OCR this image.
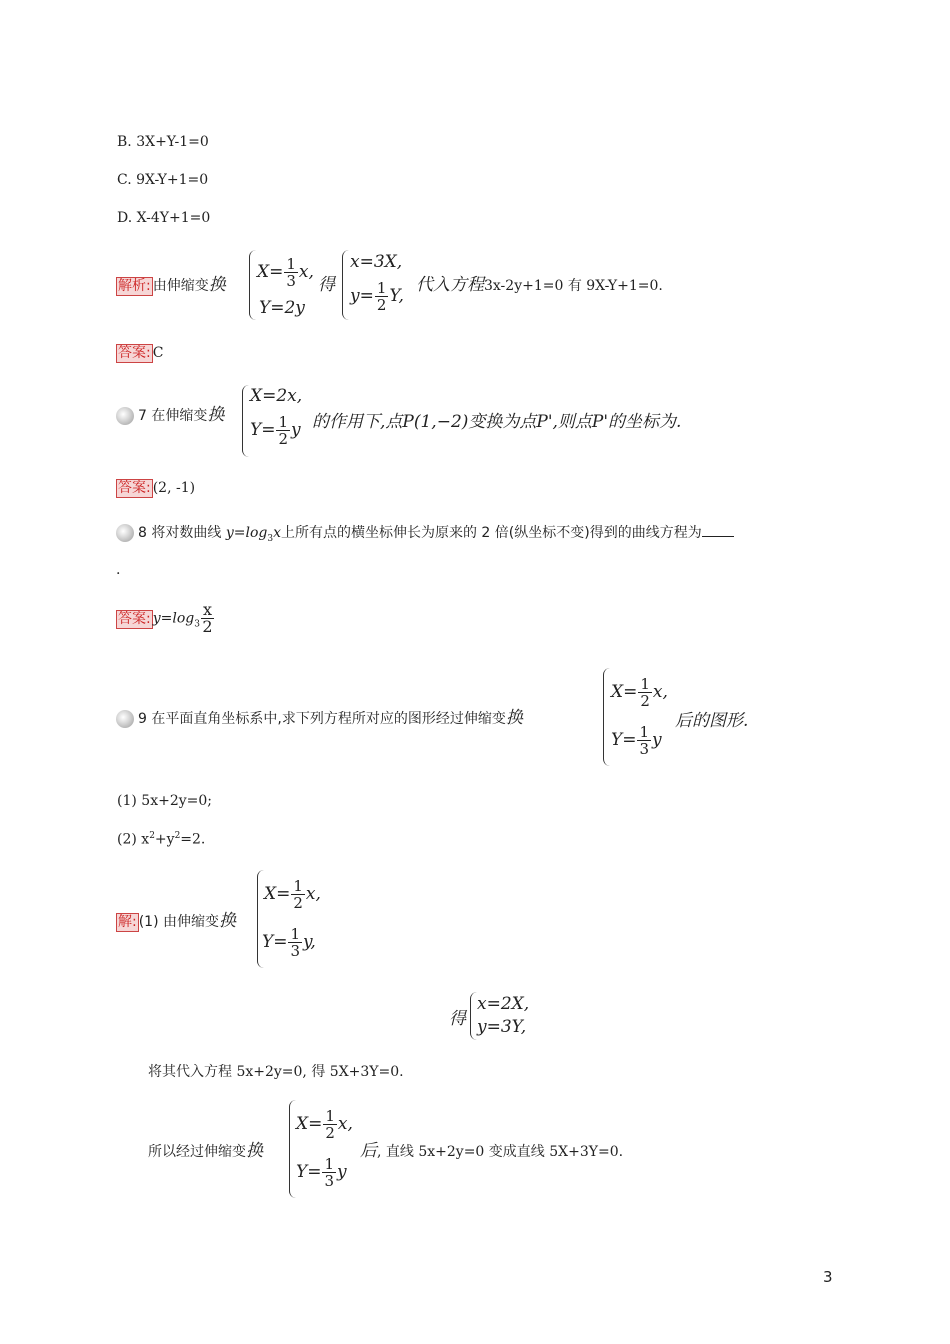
B. 3X+Y-1=0
C. 9X-Y+1=0
D. X-4Y+1=0
解析: 由伸缩变换
$X= \frac{1}{3} x$,
Y=2y
得
x=3X,
$y= \frac{1}{2} Y$,
代入方程3x-2y+1=0 有 9X-Y+1=0.
答案: C
7 在伸缩变换
X=2x,
$Y= \frac{1}{2}$ y 的作用下,点P(1,−2)变换为点P',则点P'的坐标为.
答案: (2, -1)
8 将对数曲线 $y=\log_3x$上所有点的横坐标伸长为原来的 2 倍(纵坐标不变)得到的曲线方程为
.
答案: $y=\log_3 \frac{x}{2}$
9 在平面直角坐标系中,求下列方程所对应的图形经过伸缩变换
$X= \frac{1}{2} x$,
$Y= \frac{1}{3}$ y
后的图形.
(1) 5x+2y=0;
(2) $x^2+y^2=2$.
解: (1) 由伸缩变换
$X= \frac{1}{2} x$,
$Y= \frac{1}{3} y$,
得
x=2X,
y=3Y,
将其代入方程 5x+2y=0, 得 5X+3Y=0.
所以经过伸缩变换
$X= \frac{1}{2} x$,
$Y= \frac{1}{3}$ y
后, 直线 5x+2y=0 变成直线 5X+3Y=0.
3
